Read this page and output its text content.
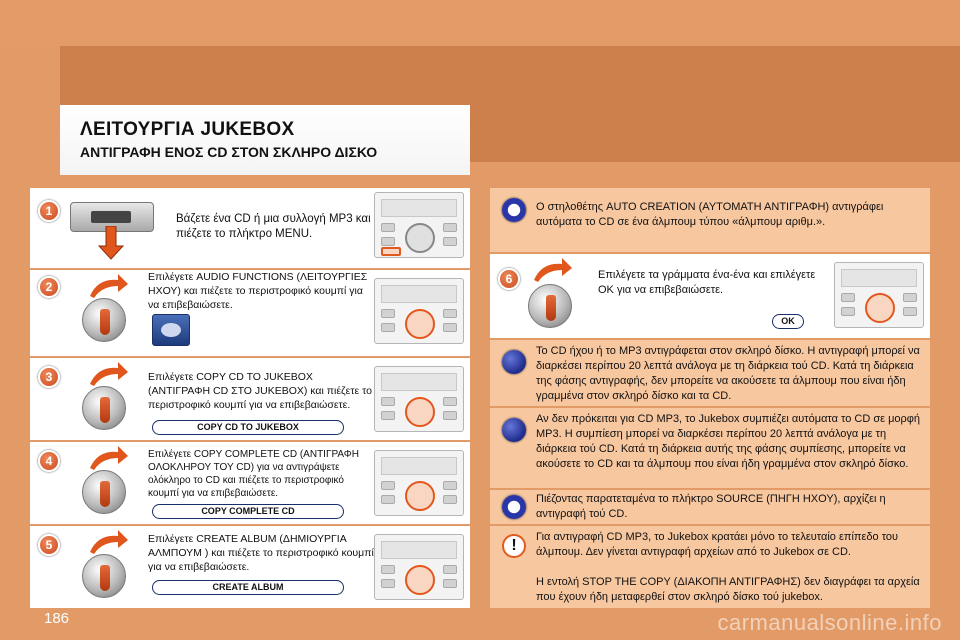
ΛΕΙΤΟΥΡΓΙΑ JUKEBOX
ΑΝΤΙΓΡΑΦΗ ΕΝΟΣ CD ΣΤΟΝ ΣΚΛΗΡΟ ΔΙΣΚΟ
1
Βάζετε ένα CD ή μια συλλογή MP3 και πιέζετε το πλήκτρο MENU.
2
Επιλέγετε AUDIO FUNCTIONS (ΛΕΙΤΟΥΡΓΙΕΣ ΗΧΟΥ) και πιέζετε το περιστροφικό κουμπί για να επιβεβαιώσετε.
3	Επιλέγετε COPY CD TO JUKEBOX (ΑΝΤΙΓΡΑΦΗ CD ΣΤΟ JUKEBOX) και πιέζετε το περιστροφικό κουμπί για να επιβεβαιώσετε.
COPY CD TO JUKEBOX
4	Επιλέγετε COPY COMPLETE CD (ΑΝΤΙΓΡΑΦΗ ΟΛΟΚΛΗΡΟΥ ΤΟΥ CD) για να αντιγράψετε ολόκληρο το CD και πιέζετε το περιστροφικό κουμπί για να επιβεβαιώσετε.
COPY COMPLETE CD
5	Επιλέγετε CREATE ALBUM (ΔΗΜΙΟΥΡΓΙΑ ΑΛΜΠΟΥΜ ) και πιέζετε το περιστροφικό κουμπί για να επιβεβαιώσετε.
CREATE ALBUM
✺
Ο στηλοθέτης AUTO CREATION (ΑΥΤΟΜΑΤΗ ΑΝΤΙΓΡΑΦΗ) αντιγράφει αυτόματα το CD σε ένα άλμπουμ τύπου «άλμπουμ αριθμ.».
6	Επιλέγετε τα γράμματα ένα-ένα και επιλέγετε OK για να επιβεβαιώσετε.
OK
Το CD ήχου ή το MP3 αντιγράφεται στον σκληρό δίσκο. Η αντιγραφή μπορεί να διαρκέσει περίπου 20 λεπτά ανάλογα με τη διάρκεια τού CD. Κατά τη διάρκεια της φάσης αντιγραφής, δεν μπορείτε να ακούσετε τα άλμπουμ που είναι ήδη γραμμένα στον σκληρό δίσκο και τα CD.
Αν δεν πρόκειται για CD MP3, το Jukebox συμπιέζει αυτόματα το CD σε μορφή MP3. Η συμπίεση μπορεί να διαρκέσει περίπου 20 λεπτά ανάλογα με τη διάρκεια τού CD. Κατά τη διάρκεια αυτής της φάσης συμπίεσης, μπορείτε να ακούσετε το CD και τα άλμπουμ που είναι ήδη γραμμένα στον σκληρό δίσκο.
✺
Πιέζοντας παρατεταμένα το πλήκτρο SOURCE (ΠΗΓΗ ΗΧΟΥ), αρχίζει η αντιγραφή τού CD.
!	Για αντιγραφή CD MP3, το Jukebox κρατάει μόνο το τελευταίο επίπεδο του άλμπουμ. Δεν γίνεται αντιγραφή αρχείων από το Jukebox σε CD.
Η εντολή STOP THE COPY (ΔΙΑΚΟΠΗ ΑΝΤΙΓΡΑΦΗΣ) δεν διαγράφει τα αρχεία που έχουν ήδη μεταφερθεί στον σκληρό δίσκο τού jukebox.
186	carmanualsonline.info
